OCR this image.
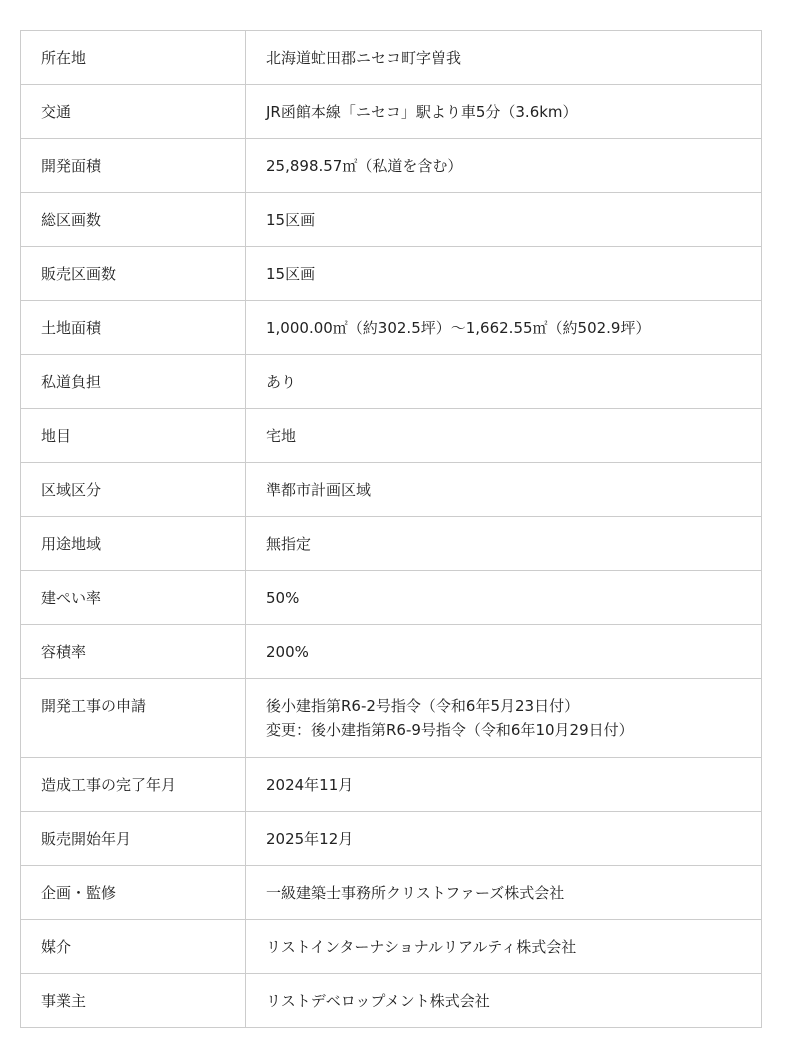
所在地	北海道虻田郡ニセコ町字曽我

交通	JR函館本線「ニセコ」駅より車5分（3.6km）

開発面積	25,898.57㎡（私道を含む）

総区画数	15区画

販売区画数	15区画

土地面積	1,000.00㎡（約302.5坪）〜1,662.55㎡（約502.9坪）

私道負担	あり

地目	宅地

区域区分	準都市計画区域

用途地域	無指定

建ぺい率	50%

容積率	200%

開発工事の申請	後小建指第R6-2号指令（令和6年5月23日付）
変更：後小建指第R6-9号指令（令和6年10月29日付）

造成工事の完了年月	2024年11月

販売開始年月	2025年12月

企画・監修	一級建築士事務所クリストファーズ株式会社

媒介	リストインターナショナルリアルティ株式会社

事業主	リストデベロップメント株式会社
